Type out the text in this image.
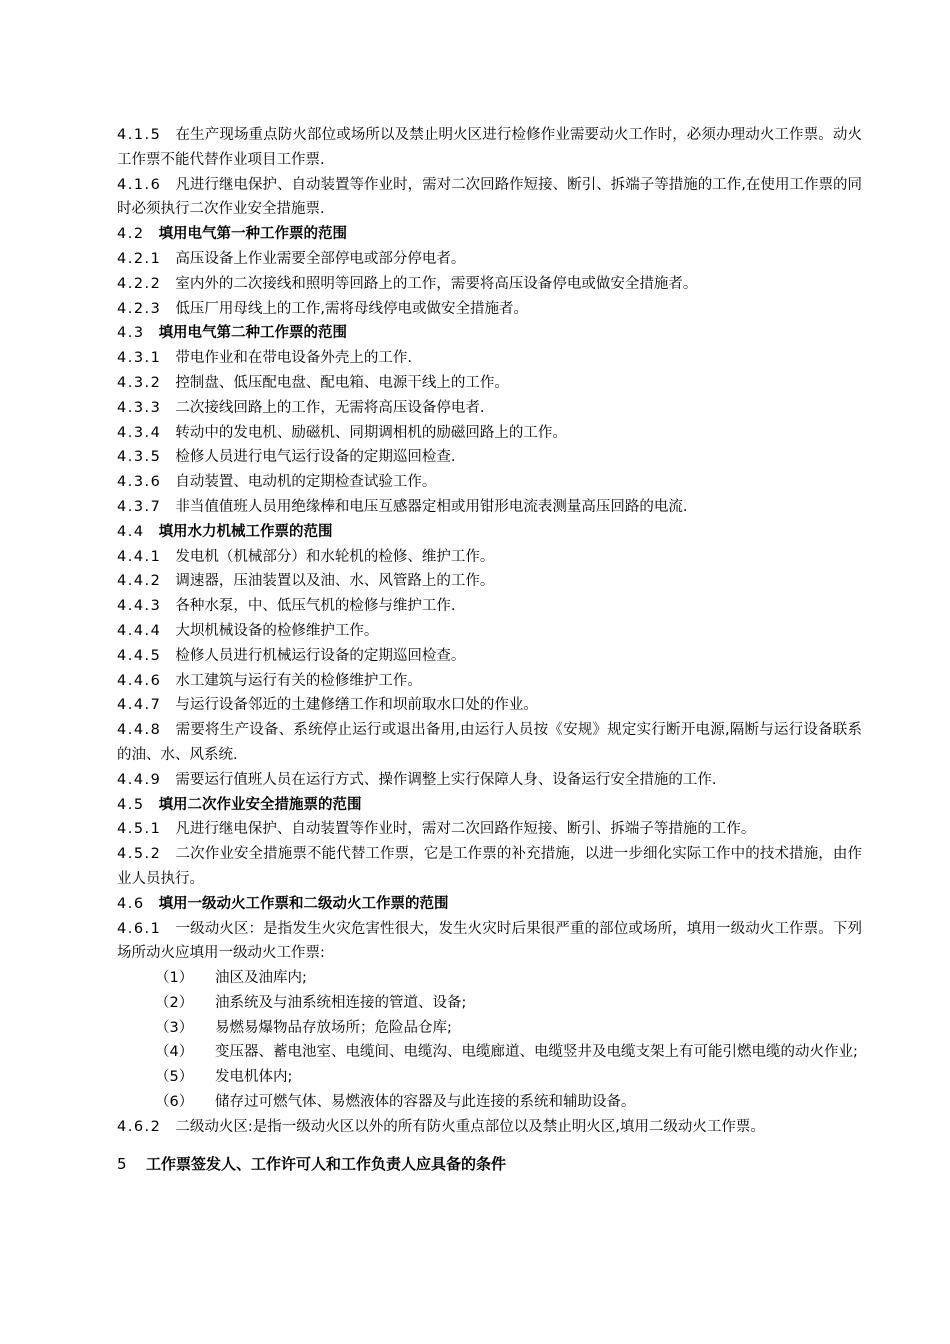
4.1.5 在生产现场重点防火部位或场所以及禁止明火区进行检修作业需要动火工作时，必须办理动火工作票。动火工作票不能代替作业项目工作票.
4.1.6 凡进行继电保护、自动装置等作业时，需对二次回路作短接、断引、拆端子等措施的工作,在使用工作票的同时必须执行二次作业安全措施票.
4.2 填用电气第一种工作票的范围
4.2.1 高压设备上作业需要全部停电或部分停电者。
4.2.2 室内外的二次接线和照明等回路上的工作，需要将高压设备停电或做安全措施者。
4.2.3 低压厂用母线上的工作,需将母线停电或做安全措施者。
4.3 填用电气第二种工作票的范围
4.3.1 带电作业和在带电设备外壳上的工作.
4.3.2 控制盘、低压配电盘、配电箱、电源干线上的工作。
4.3.3 二次接线回路上的工作，无需将高压设备停电者.
4.3.4 转动中的发电机、励磁机、同期调相机的励磁回路上的工作。
4.3.5 检修人员进行电气运行设备的定期巡回检查.
4.3.6 自动装置、电动机的定期检查试验工作。
4.3.7 非当值值班人员用绝缘棒和电压互感器定相或用钳形电流表测量高压回路的电流.
4.4 填用水力机械工作票的范围
4.4.1 发电机（机械部分）和水轮机的检修、维护工作。
4.4.2 调速器，压油装置以及油、水、风管路上的工作。
4.4.3 各种水泵，中、低压气机的检修与维护工作.
4.4.4 大坝机械设备的检修维护工作。
4.4.5 检修人员进行机械运行设备的定期巡回检查。
4.4.6 水工建筑与运行有关的检修维护工作。
4.4.7 与运行设备邻近的土建修缮工作和坝前取水口处的作业。
4.4.8 需要将生产设备、系统停止运行或退出备用,由运行人员按《安规》规定实行断开电源,隔断与运行设备联系的油、水、风系统.
4.4.9 需要运行值班人员在运行方式、操作调整上实行保障人身、设备运行安全措施的工作.
4.5 填用二次作业安全措施票的范围
4.5.1 凡进行继电保护、自动装置等作业时，需对二次回路作短接、断引、拆端子等措施的工作。
4.5.2 二次作业安全措施票不能代替工作票，它是工作票的补充措施，以进一步细化实际工作中的技术措施，由作业人员执行。
4.6 填用一级动火工作票和二级动火工作票的范围
4.6.1 一级动火区：是指发生火灾危害性很大，发生火灾时后果很严重的部位或场所，填用一级动火工作票。下列场所动火应填用一级动火工作票:
（1） 油区及油库内;
（2） 油系统及与油系统相连接的管道、设备;
（3） 易燃易爆物品存放场所；危险品仓库;
（4） 变压器、蓄电池室、电缆间、电缆沟、电缆廊道、电缆竖井及电缆支架上有可能引燃电缆的动火作业;
（5） 发电机体内;
（6） 储存过可燃气体、易燃液体的容器及与此连接的系统和辅助设备。
4.6.2 二级动火区:是指一级动火区以外的所有防火重点部位以及禁止明火区,填用二级动火工作票。
5 工作票签发人、工作许可人和工作负责人应具备的条件
